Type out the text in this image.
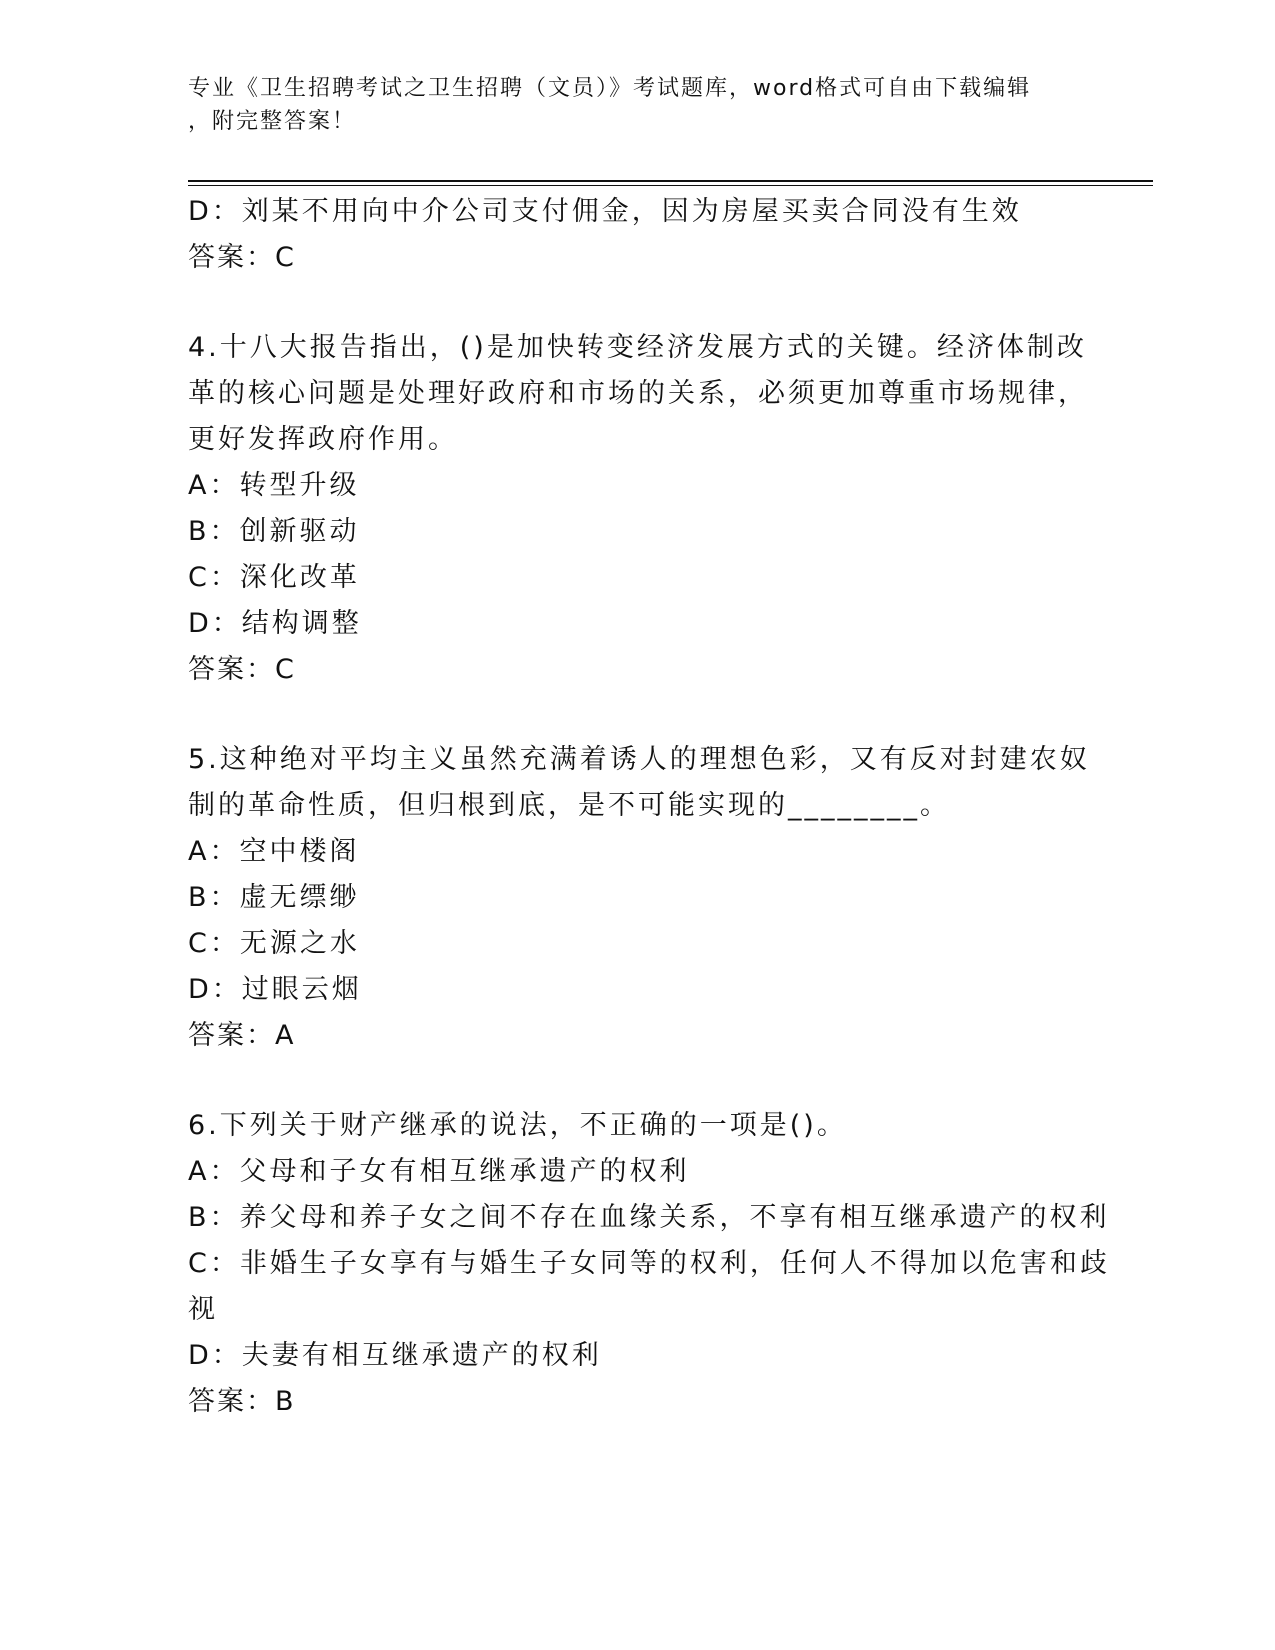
专业《卫生招聘考试之卫生招聘（文员）》考试题库，word格式可自由下载编辑
，附完整答案！
D：刘某不用向中介公司支付佣金，因为房屋买卖合同没有生效
答案：C
4.十八大报告指出，()是加快转变经济发展方式的关键。经济体制改
革的核心问题是处理好政府和市场的关系，必须更加尊重市场规律，
更好发挥政府作用。
A：转型升级
B：创新驱动
C：深化改革
D：结构调整
答案：C
5.这种绝对平均主义虽然充满着诱人的理想色彩，又有反对封建农奴
制的革命性质，但归根到底，是不可能实现的________。
A：空中楼阁
B：虚无缥缈
C：无源之水
D：过眼云烟
答案：A
6.下列关于财产继承的说法，不正确的一项是()。
A：父母和子女有相互继承遗产的权利
B：养父母和养子女之间不存在血缘关系，不享有相互继承遗产的权利
C：非婚生子女享有与婚生子女同等的权利，任何人不得加以危害和歧
视
D：夫妻有相互继承遗产的权利
答案：B
